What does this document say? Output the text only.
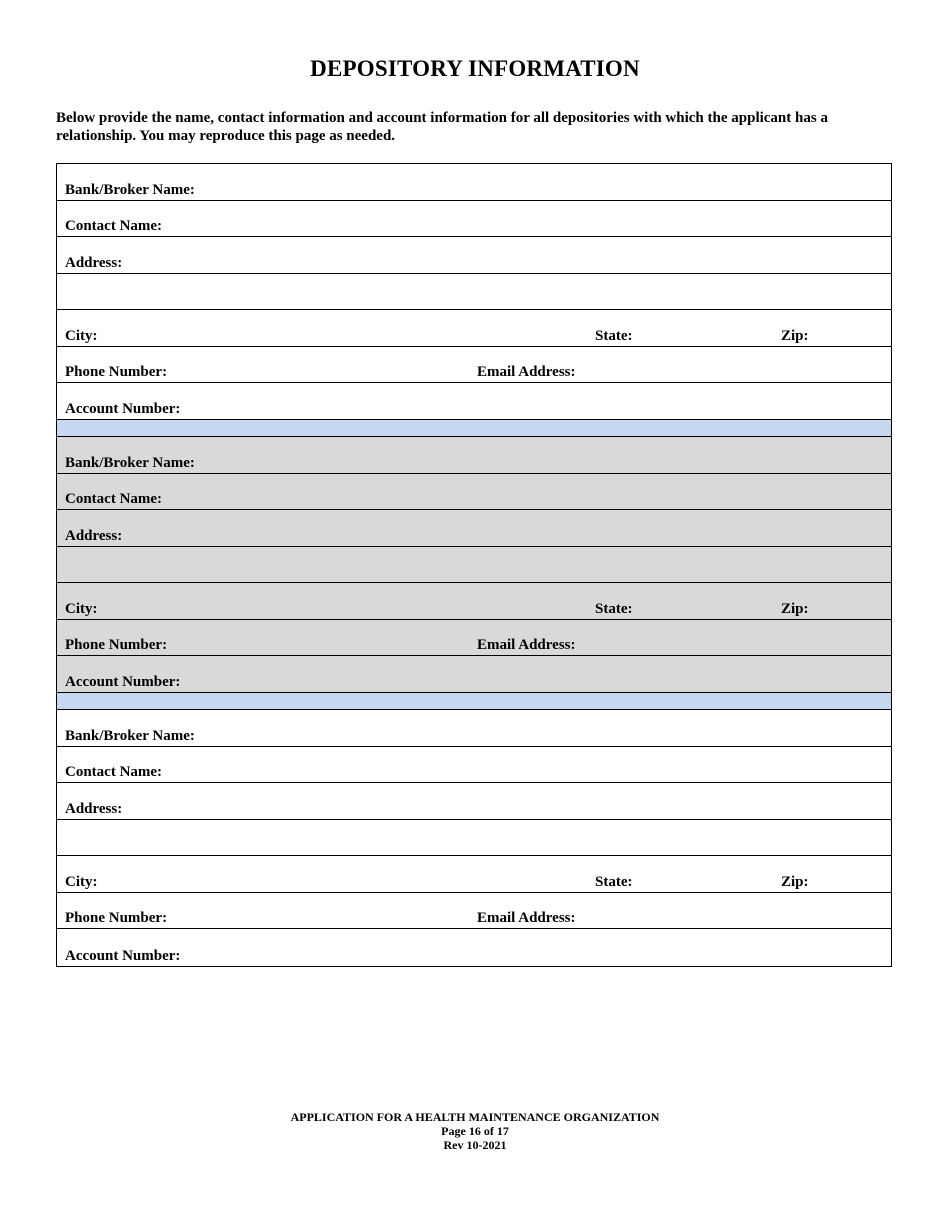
DEPOSITORY INFORMATION
Below provide the name, contact information and account information for all depositories with which the applicant has a relationship. You may reproduce this page as needed.
Bank/Broker Name:
Contact Name:
Address:
City:	State:	Zip:
Phone Number:	Email Address:
Account Number:
Bank/Broker Name:
Contact Name:
Address:
City:	State:	Zip:
Phone Number:	Email Address:
Account Number:
Bank/Broker Name:
Contact Name:
Address:
City:	State:	Zip:
Phone Number:	Email Address:
Account Number:
APPLICATION FOR A HEALTH MAINTENANCE ORGANIZATION
Page 16 of 17
Rev 10-2021
